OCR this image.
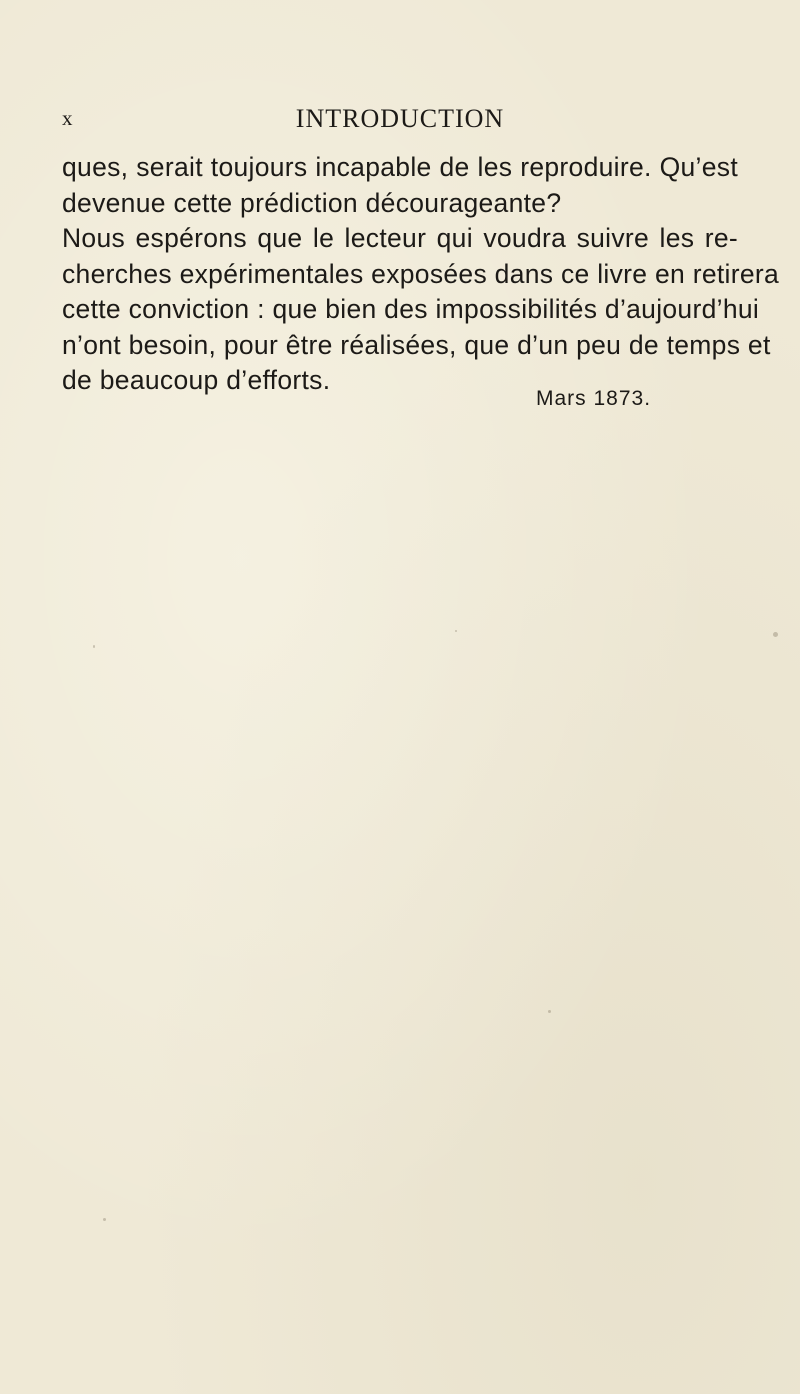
x	INTRODUCTION
ques, serait toujours incapable de les reproduire. Qu’est
devenue cette prédiction décourageante?
Nous espérons que le lecteur qui voudra suivre les re-
cherches expérimentales exposées dans ce livre en retirera
cette conviction : que bien des impossibilités d’aujourd’hui
n’ont besoin, pour être réalisées, que d’un peu de temps et
de beaucoup d’efforts.
Mars 1873.
